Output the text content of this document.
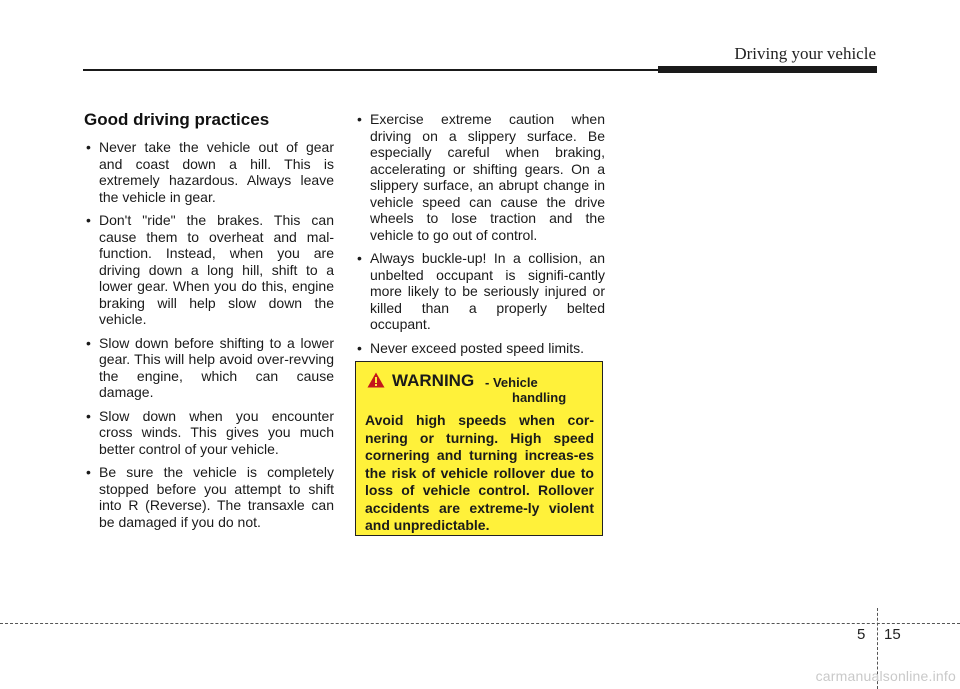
Driving your vehicle
Good driving practices
• Never take the vehicle out of gear and coast down a hill. This is extremely hazardous. Always leave the vehicle in gear.
• Don't "ride" the brakes. This can cause them to overheat and mal-function. Instead, when you are driving down a long hill, shift to a lower gear. When you do this, engine braking will help slow down the vehicle.
• Slow down before shifting to a lower gear. This will help avoid over-revving the engine, which can cause damage.
• Slow down when you encounter cross winds. This gives you much better control of your vehicle.
• Be sure the vehicle is completely stopped before you attempt to shift into R (Reverse). The transaxle can be damaged if you do not.
• Exercise extreme caution when driving on a slippery surface. Be especially careful when braking, accelerating or shifting gears. On a slippery surface, an abrupt change in vehicle speed can cause the drive wheels to lose traction and the vehicle to go out of control.
• Always buckle-up! In a collision, an unbelted occupant is signifi-cantly more likely to be seriously injured or killed than a properly belted occupant.
• Never exceed posted speed limits.
WARNING - Vehicle
handling

Avoid high speeds when cor-nering or turning. High speed cornering and turning increas-es the risk of vehicle rollover due to loss of vehicle control. Rollover accidents are extreme-ly violent and unpredictable.

5 15
carmanualsonline.info
